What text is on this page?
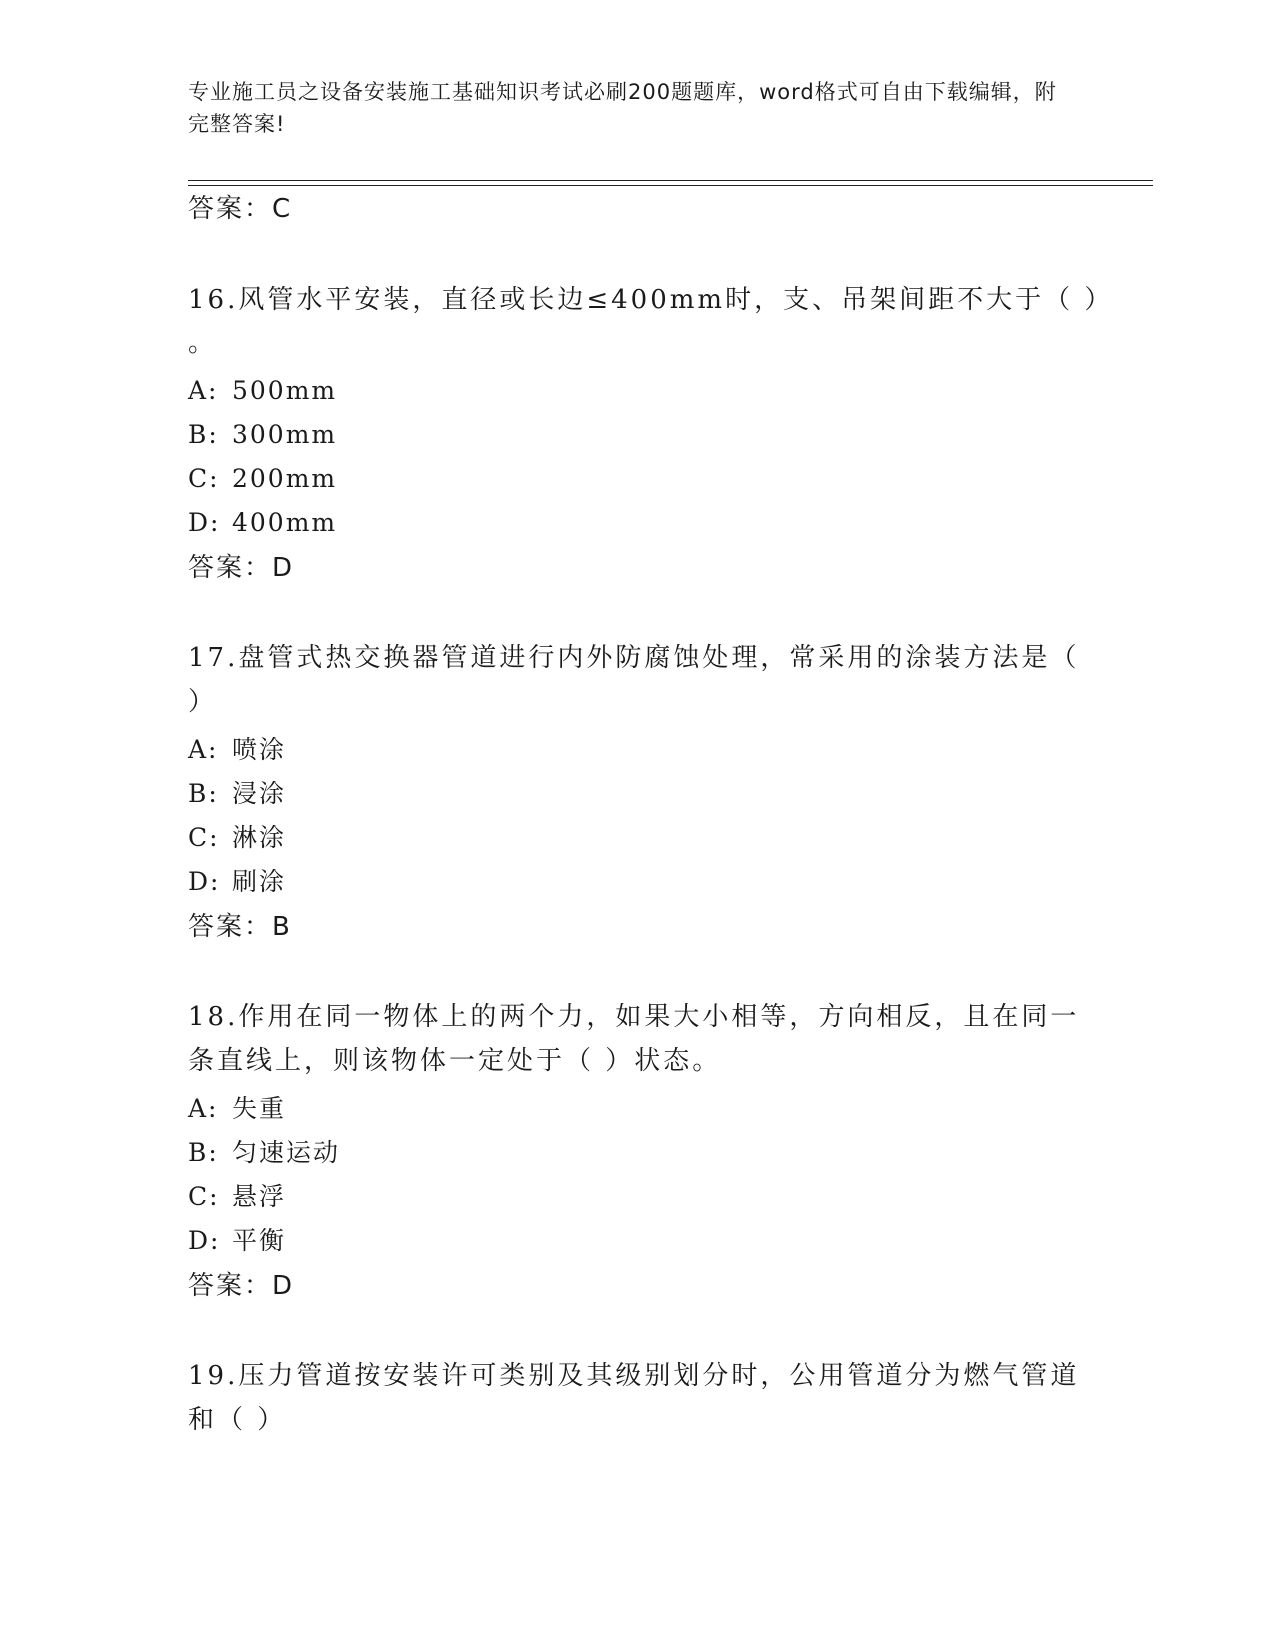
专业施工员之设备安装施工基础知识考试必刷200题题库，word格式可自由下载编辑，附完整答案!
答案：C
16.风管水平安装，直径或长边≤400mm时，支、吊架间距不大于（ ）
。
A: 500mm
B: 300mm
C: 200mm
D: 400mm
答案：D
17.盘管式热交换器管道进行内外防腐蚀处理，常采用的涂装方法是（
）
A: 喷涂
B: 浸涂
C: 淋涂
D: 刷涂
答案：B
18.作用在同一物体上的两个力，如果大小相等，方向相反，且在同一
条直线上，则该物体一定处于（ ）状态。
A: 失重
B: 匀速运动
C: 悬浮
D: 平衡
答案：D
19.压力管道按安装许可类别及其级别划分时，公用管道分为燃气管道
和（ ）
